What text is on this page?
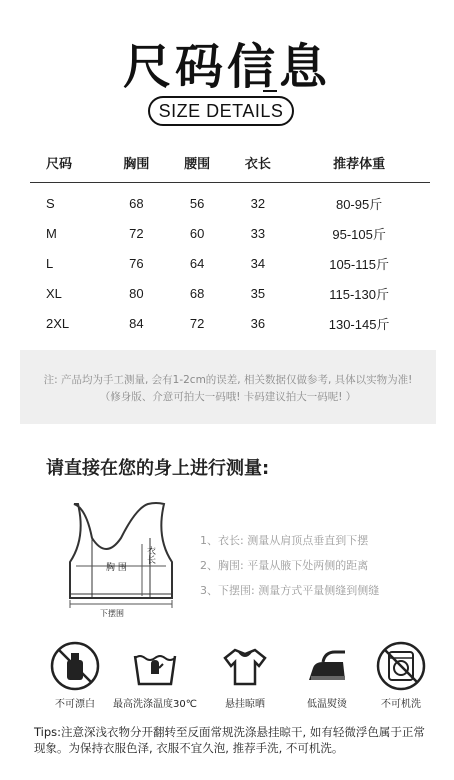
尺码信息
SIZE DETAILS
尺码	胸围	腰围	衣长	推荐体重

S	68	56	32	80-95斤
M	72	60	33	95-105斤
L	76	64	34	105-115斤
XL	80	68	35	115-130斤
2XL	84	72	36	130-145斤
注: 产品均为手工测量, 会有1-2cm的误差, 相关数据仅做参考, 具体以实物为准!
（修身版、介意可拍大一码哦! 卡码建议拍大一码呢! ）
请直接在您的身上进行测量:
胸 围
衣长
下摆围
1、衣长: 测量从肩顶点垂直到下摆
2、胸围: 平量从腋下处两侧的距离
3、下摆围: 测量方式平量侧缝到侧缝
不可漂白	最高洗涤温度30℃	悬挂晾晒	低温熨烫	不可机洗
Tips:注意深浅衣物分开翻转至反面常规洗涤悬挂晾干, 如有轻微浮色属于正常
现象。为保持衣服色泽, 衣服不宜久泡, 推荐手洗, 不可机洗。
